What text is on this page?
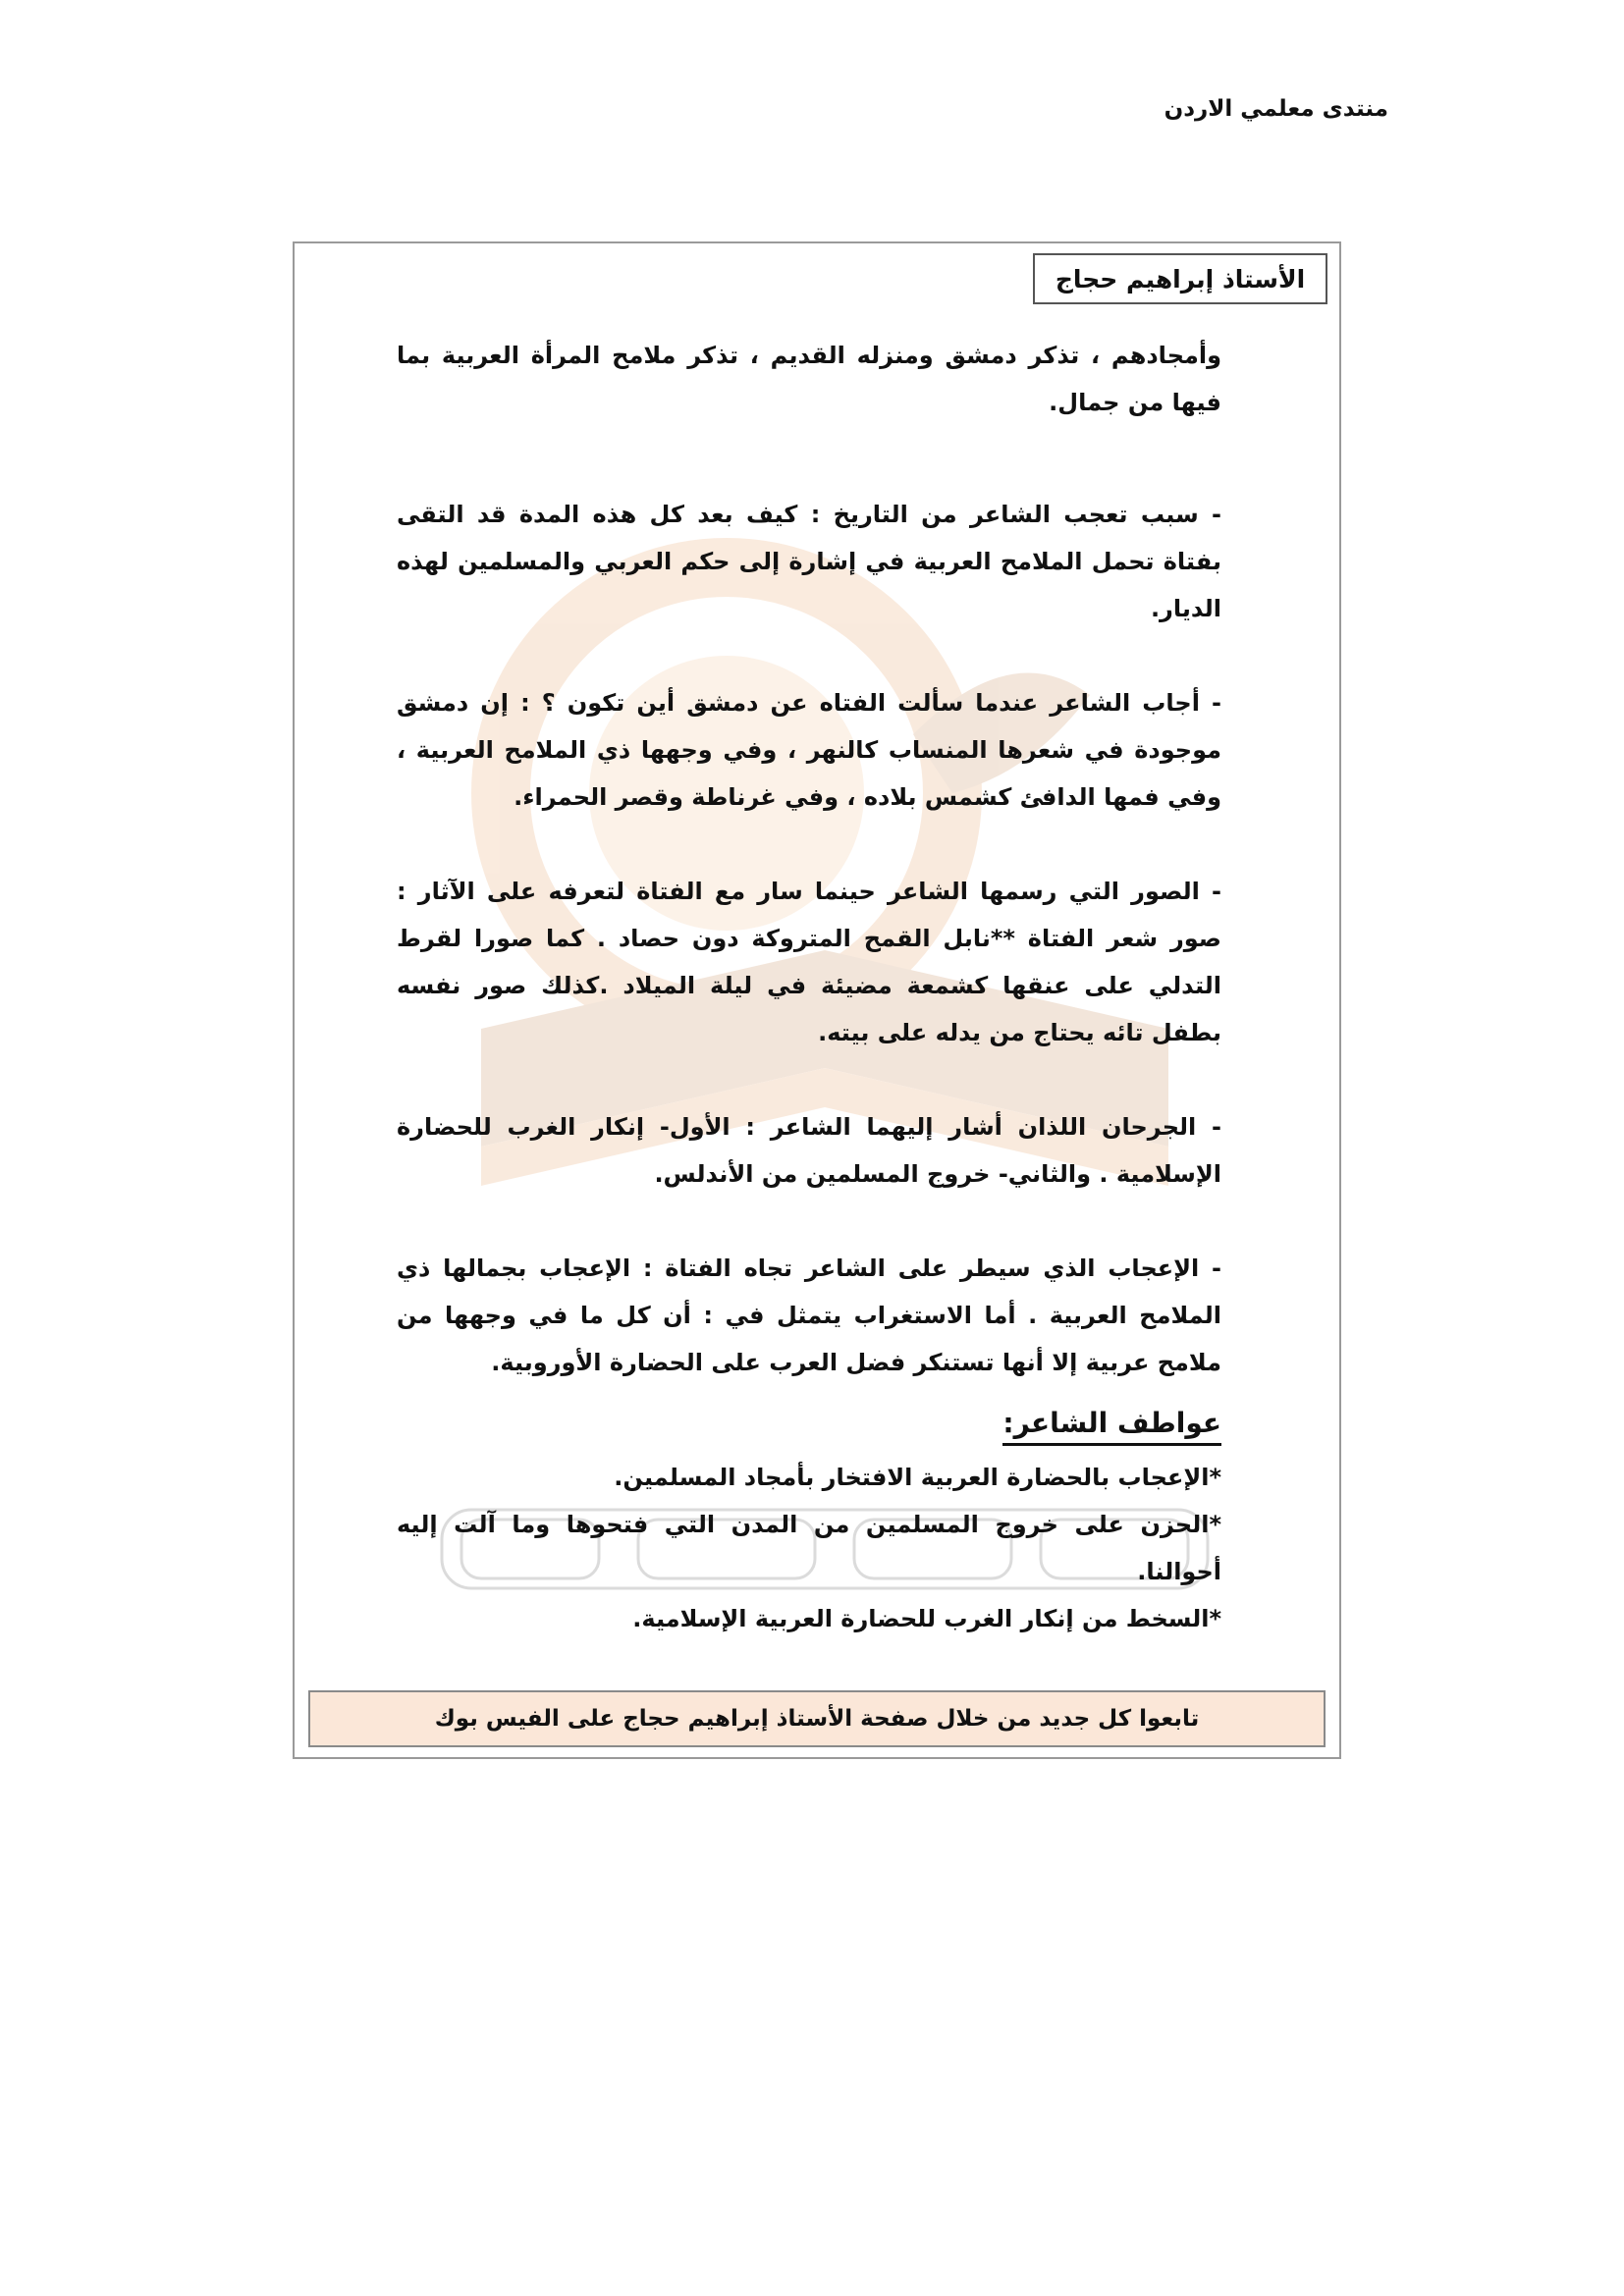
منتدى معلمي الاردن
الأستاذ إبراهيم حجاج

وأمجادهم ، تذكر دمشق ومنزله القديم ، تذكر ملامح المرأة العربية بما فيها من جمال.

- سبب تعجب الشاعر من التاريخ : كيف بعد كل هذه المدة قد التقى بفتاة تحمل الملامح العربية في إشارة إلى حكم العربي والمسلمين لهذه الديار.

- أجاب الشاعر عندما سألت الفتاه عن دمشق أين تكون ؟ : إن دمشق موجودة في شعرها المنساب كالنهر ، وفي وجهها ذي الملامح العربية ، وفي فمها الدافئ كشمس بلاده ، وفي غرناطة وقصر الحمراء.

- الصور التي رسمها الشاعر حينما سار مع الفتاة لتعرفه على الآثار : صور شعر الفتاة **نابل القمح المتروكة دون حصاد . كما صورا لقرط التدلي على عنقها كشمعة مضيئة في ليلة الميلاد .كذلك صور نفسه بطفل تائه يحتاج من يدله على بيته.

- الجرحان اللذان أشار إليهما الشاعر : الأول- إنكار الغرب للحضارة الإسلامية . والثاني- خروج المسلمين من الأندلس.

- الإعجاب الذي سيطر على الشاعر تجاه الفتاة : الإعجاب بجمالها ذي الملامح العربية . أما الاستغراب يتمثل في : أن كل ما في وجهها من ملامح عربية إلا أنها تستنكر فضل العرب على الحضارة الأوروبية.

عواطف الشاعر:
*الإعجاب بالحضارة العربية الافتخار بأمجاد المسلمين.
*الحزن على خروج المسلمين من المدن التي فتحوها وما آلت إليه أحوالنا.
*السخط من إنكار الغرب للحضارة العربية الإسلامية.
تابعوا كل جديد من خلال صفحة الأستاذ إبراهيم حجاج على الفيس بوك
